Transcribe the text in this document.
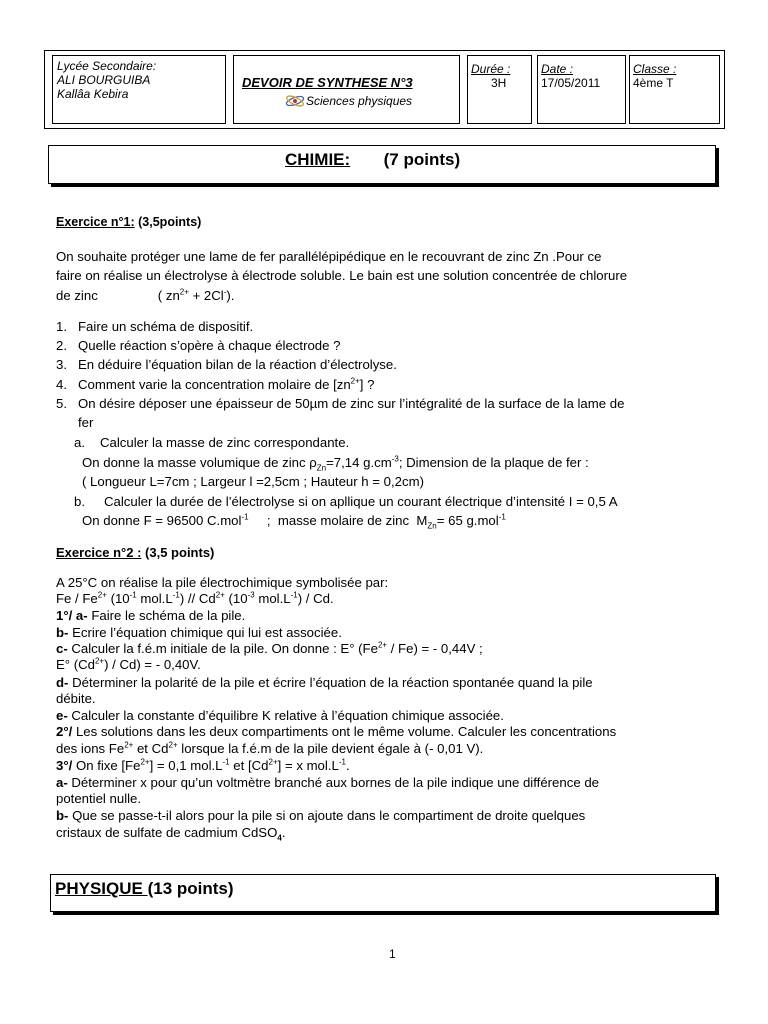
Lycée Secondaire:
ALI BOURGUIBA
Kallâa Kebira
DEVOIR DE SYNTHESE N°3
Sciences physiques
Durée :
3H
Date :
17/05/2011
Classe :
4ème T
CHIMIE: (7 points)
Exercice n°1: (3,5points)
On souhaite protéger une lame de fer parallélépipédique en le recouvrant de zinc Zn .Pour ce
faire on réalise un électrolyse à électrode soluble. Le bain est une solution concentrée de chlorure
de zinc	( $zn^{2+} + 2Cl^-$).
1. Faire un schéma de dispositif.
2. Quelle réaction s’opère à chaque électrode ?
3. En déduire l’équation bilan de la réaction d’électrolyse.
4. Comment varie la concentration molaire de $[zn^{2+}]$ ?
5. On désire déposer une épaisseur de 50µm de zinc sur l’intégralité de la surface de la lame de
fer
a. Calculer la masse de zinc correspondante.
On donne la masse volumique de zinc $\rho_{Zn}=7,14$ $g.cm^{-3}$; Dimension de la plaque de fer :
( Longueur L=7cm ; Largeur l =2,5cm ; Hauteur h = 0,2cm)
b. Calculer la durée de l’électrolyse si on apllique un courant électrique d’intensité I = 0,5 A
On donne F = 96500 C.mol$^{-1}$     ;  masse molaire de zinc  $M_{Zn}= 65$ g.mol$^{-1}$
Exercice n°2 : (3,5 points)
A 25°C on réalise la pile électrochimique symbolisée par:
Fe / $Fe^{2+}$ ($10^{-1}$ $mol.L^{-1}) // Cd^{2+}$ ($10^{-3}$ $mol.L^{-1}$) / Cd.
1°/ a- Faire le schéma de la pile.
b- Ecrire l’équation chimique qui lui est associée.
c- Calculer la f.é.m initiale de la pile. On donne : E° $(Fe^{2+} / Fe)$ = - 0,44V ;
E° $(Cd^{2+}) / Cd$) = - 0,40V.
d- Déterminer la polarité de la pile et écrire l’équation de la réaction spontanée quand la pile
débite.
e- Calculer la constante d’équilibre K relative à l’équation chimique associée.
2°/ Les solutions dans les deux compartiments ont le même volume. Calculer les concentrations
des ions $Fe^{2+}$ et $Cd^{2+}$ lorsque la f.é.m de la pile devient égale à (- 0,01 V).
3°/ On fixe $[Fe^{2+}] = 0,1$ $mol.L^{-1}$ et $[Cd^{2+}] = x$ $mol.L^{-1}$.
a- Déterminer x pour qu’un voltmètre branché aux bornes de la pile indique une différence de
potentiel nulle.
b- Que se passe-t-il alors pour la pile si on ajoute dans le compartiment de droite quelques
cristaux de sulfate de cadmium CdSO$_4$.
PHYSIQUE (13 points)
1
